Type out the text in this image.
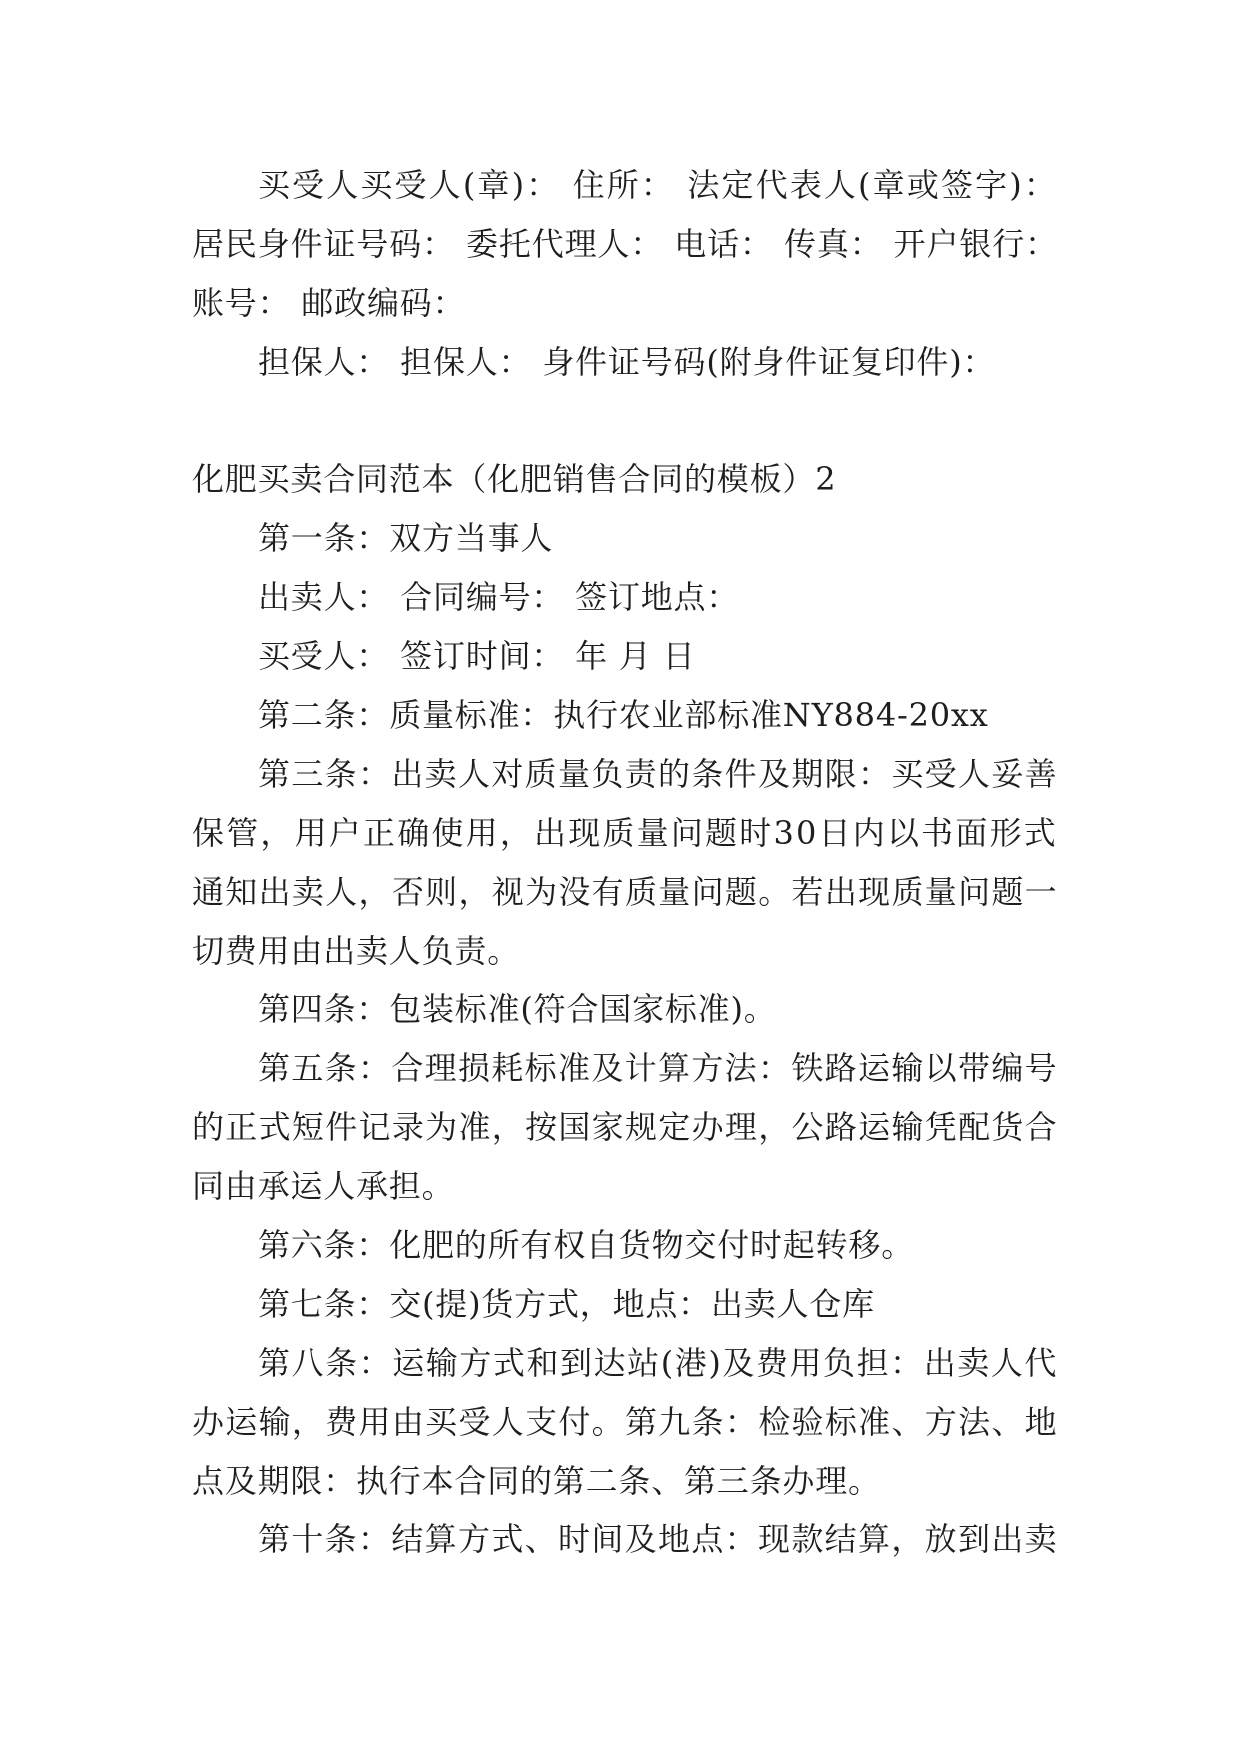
买受人买受人(章)： 住所： 法定代表人(章或签字)：
居民身件证号码： 委托代理人： 电话： 传真： 开户银行：
账号： 邮政编码：
担保人： 担保人： 身件证号码(附身件证复印件)：
化肥买卖合同范本（化肥销售合同的模板）2
第一条：双方当事人
出卖人： 合同编号： 签订地点：
买受人： 签订时间： 年 月 日
第二条：质量标准：执行农业部标准NY884-20xx
第三条：出卖人对质量负责的条件及期限：买受人妥善
保管，用户正确使用，出现质量问题时30日内以书面形式
通知出卖人，否则，视为没有质量问题。若出现质量问题一
切费用由出卖人负责。
第四条：包装标准(符合国家标准)。
第五条：合理损耗标准及计算方法：铁路运输以带编号
的正式短件记录为准，按国家规定办理，公路运输凭配货合
同由承运人承担。
第六条：化肥的所有权自货物交付时起转移。
第七条：交(提)货方式，地点：出卖人仓库
第八条：运输方式和到达站(港)及费用负担：出卖人代
办运输，费用由买受人支付。第九条：检验标准、方法、地
点及期限：执行本合同的第二条、第三条办理。
第十条：结算方式、时间及地点：现款结算，放到出卖
